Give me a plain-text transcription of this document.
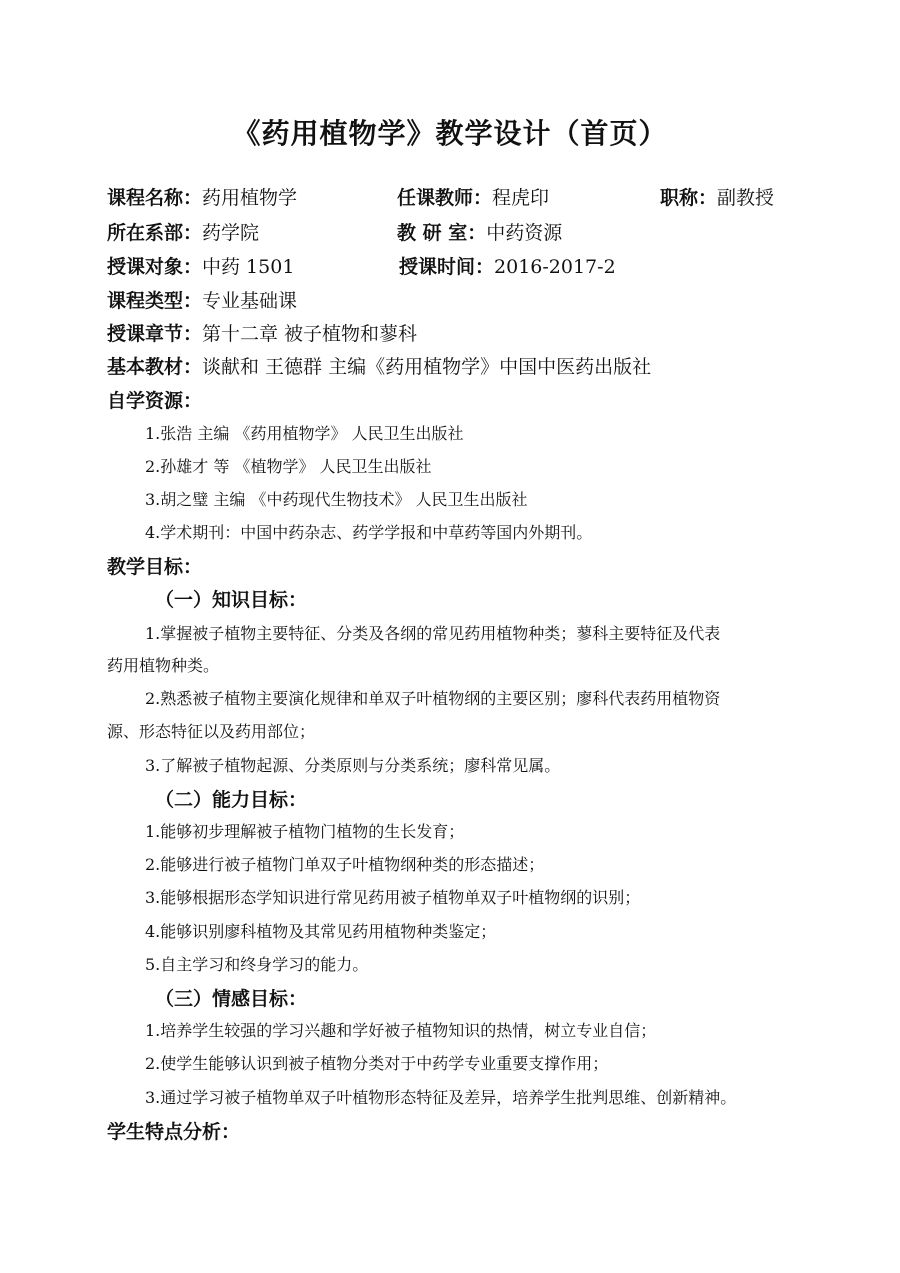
《药用植物学》教学设计（首页）
课程名称：药用植物学	任课教师：程虎印	职称：副教授
所在系部：药学院	教 研 室：中药资源
授课对象：中药 1501	授课时间：2016-2017-2
课程类型：专业基础课
授课章节：第十二章 被子植物和蓼科
基本教材：谈献和 王德群 主编《药用植物学》中国中医药出版社
自学资源：
1.张浩 主编 《药用植物学》 人民卫生出版社
2.孙雄才 等 《植物学》 人民卫生出版社
3.胡之璧 主编 《中药现代生物技术》 人民卫生出版社
4.学术期刊：中国中药杂志、药学学报和中草药等国内外期刊。
教学目标：
（一）知识目标：
1.掌握被子植物主要特征、分类及各纲的常见药用植物种类；蓼科主要特征及代表
药用植物种类。
2.熟悉被子植物主要演化规律和单双子叶植物纲的主要区别；廖科代表药用植物资
源、形态特征以及药用部位；
3.了解被子植物起源、分类原则与分类系统；廖科常见属。
（二）能力目标：
1.能够初步理解被子植物门植物的生长发育；
2.能够进行被子植物门单双子叶植物纲种类的形态描述；
3.能够根据形态学知识进行常见药用被子植物单双子叶植物纲的识别；
4.能够识别廖科植物及其常见药用植物种类鉴定；
5.自主学习和终身学习的能力。
（三）情感目标：
1.培养学生较强的学习兴趣和学好被子植物知识的热情，树立专业自信；
2.使学生能够认识到被子植物分类对于中药学专业重要支撑作用；
3.通过学习被子植物单双子叶植物形态特征及差异，培养学生批判思维、创新精神。
学生特点分析：
